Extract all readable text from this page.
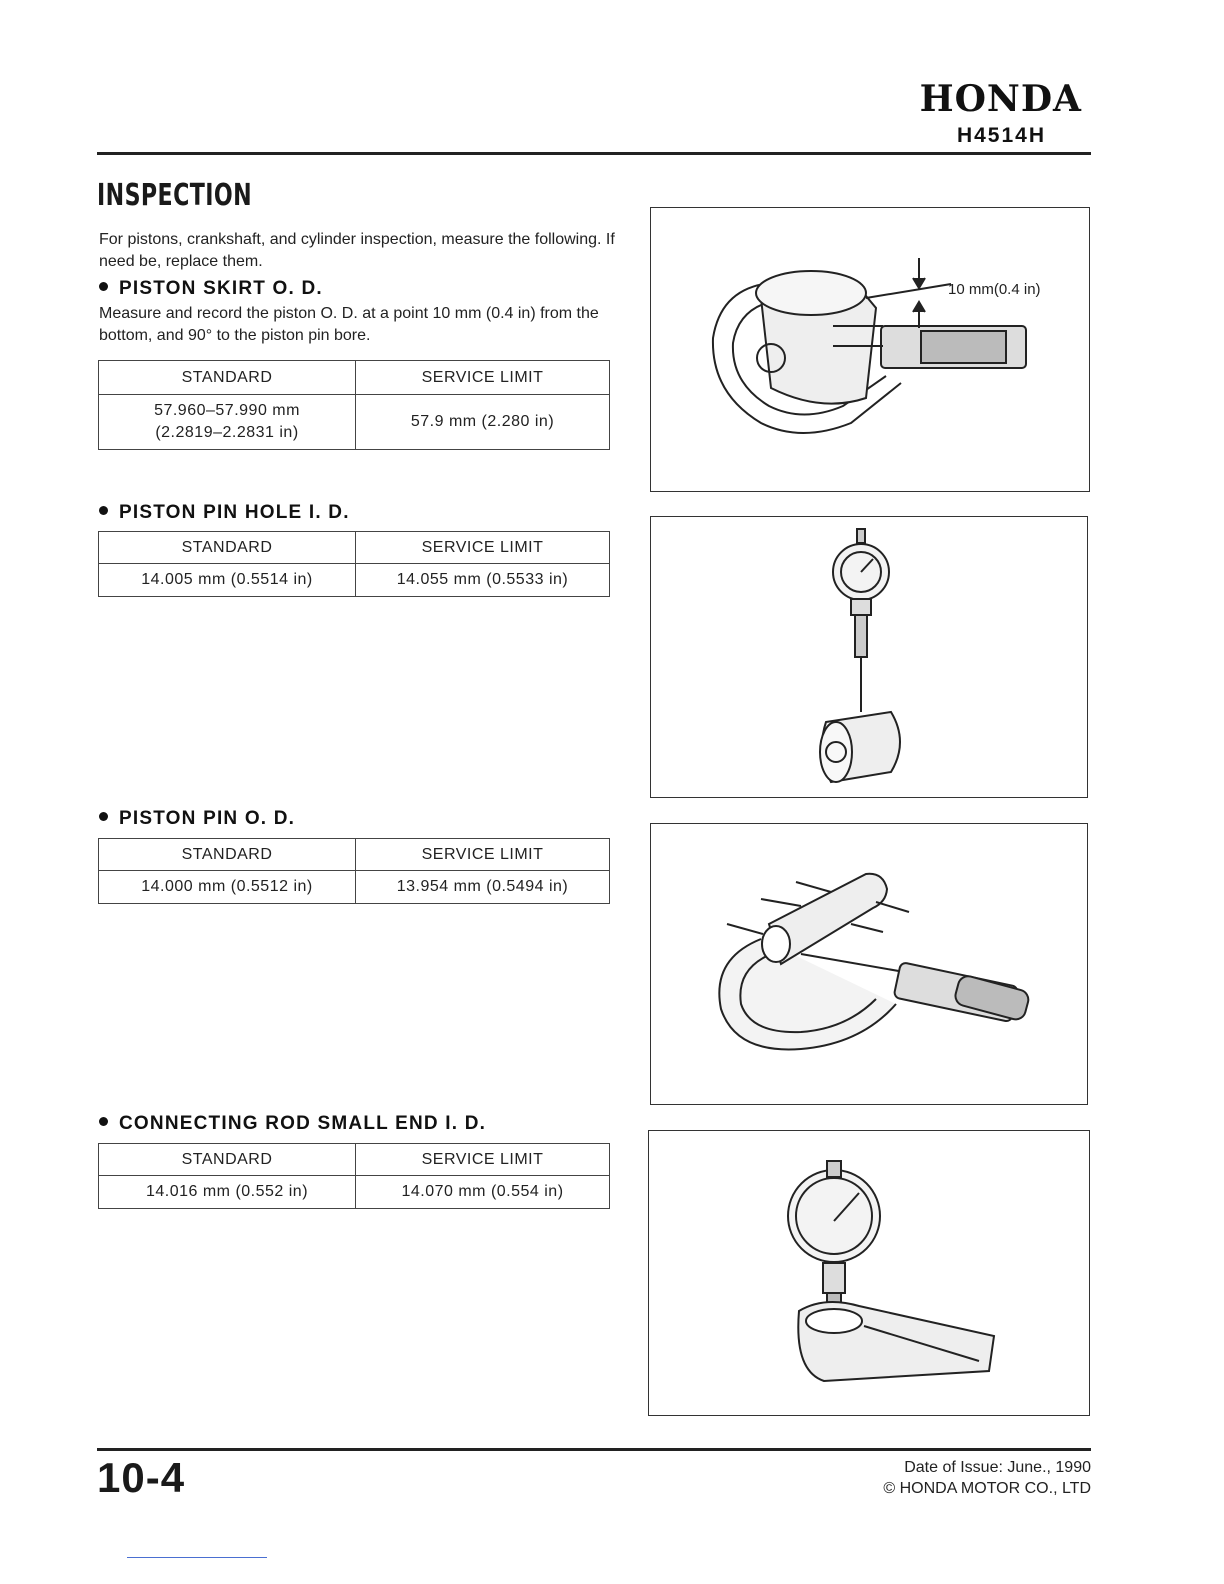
HONDA
H4514H
INSPECTION
For pistons, crankshaft, and cylinder inspection, measure the following. If need be, replace them.
PISTON SKIRT O. D.
Measure and record the piston O. D. at a point 10 mm (0.4 in) from the bottom, and 90° to the piston pin bore.
STANDARD	SERVICE LIMIT

57.960–57.990 mm
(2.2819–2.2831 in)	57.9 mm (2.280 in)
PISTON PIN HOLE I. D.
STANDARD	SERVICE LIMIT
14.005 mm (0.5514 in)	14.055 mm (0.5533 in)
PISTON PIN O. D.
STANDARD	SERVICE LIMIT
14.000 mm (0.5512 in)	13.954 mm (0.5494 in)
CONNECTING ROD SMALL END I. D.
STANDARD	SERVICE LIMIT
14.016 mm (0.552 in)	14.070 mm (0.554 in)
10 mm(0.4 in)
10-4	Date of Issue: June., 1990
© HONDA MOTOR CO., LTD
